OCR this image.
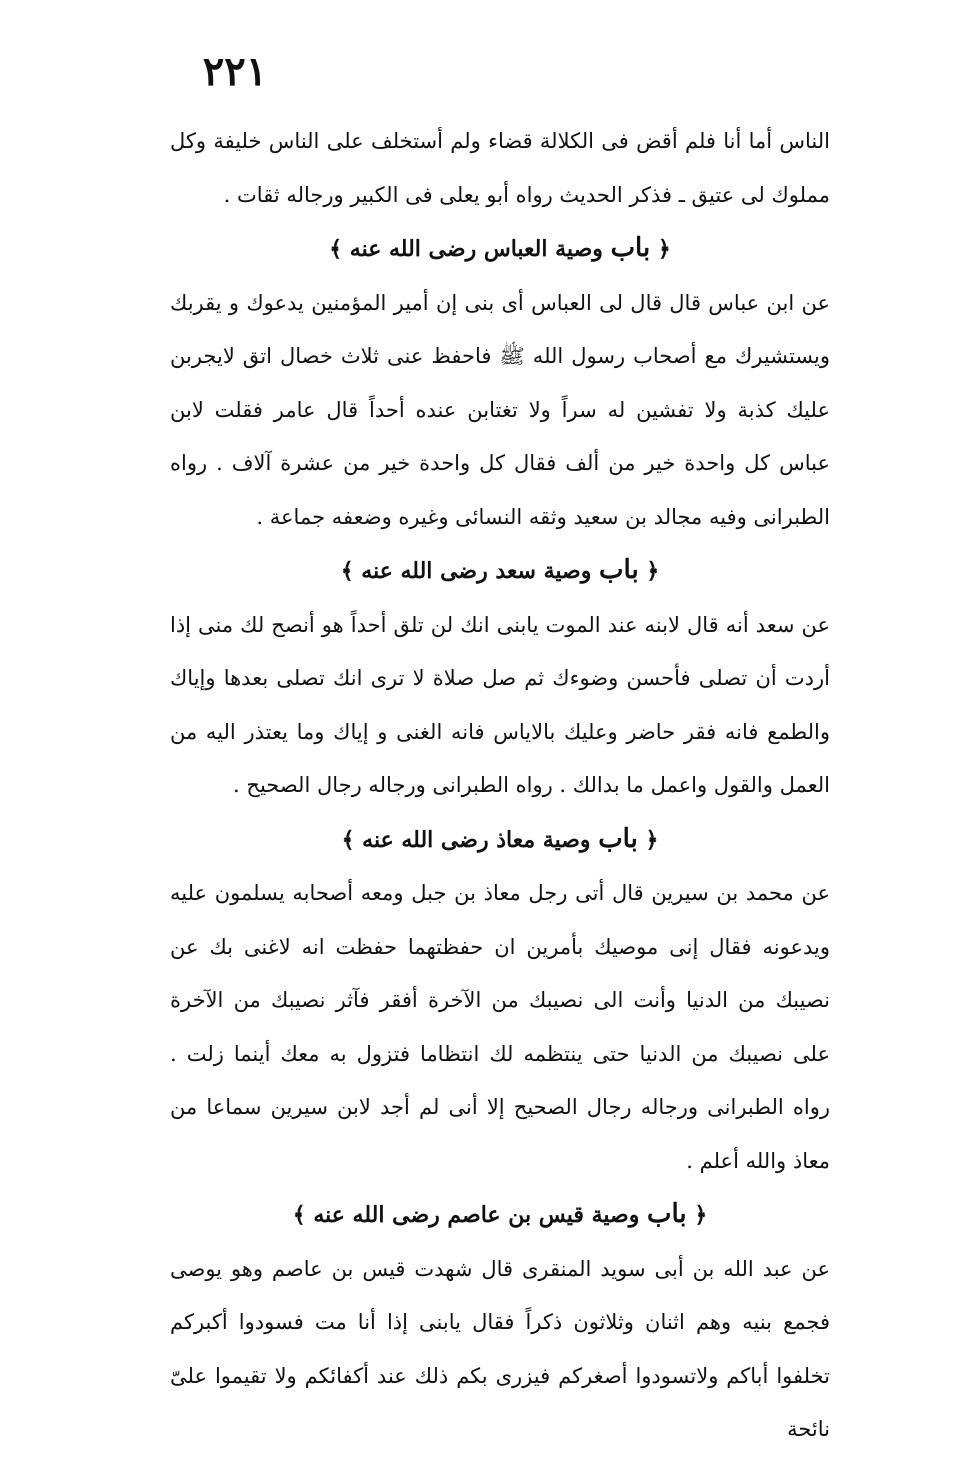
٢٢١

الناس أما أنا فلم أقض فى الكلالة قضاء ولم أستخلف على الناس خليفة وكل مملوك لى عتيق ـ فذكر الحديث رواه أبو يعلى فى الكبير ورجاله ثقات .

﴿ باب وصية العباس رضى الله عنه ﴾

عن ابن عباس قال قال لى العباس أى بنى إن أمير المؤمنين يدعوك و يقربك ويستشيرك مع أصحاب رسول الله ﷺ فاحفظ عنى ثلاث خصال اتق لايجربن عليك كذبة ولا تفشين له سراً ولا تغتابن عنده أحداً قال عامر فقلت لابن عباس كل واحدة خير من ألف فقال كل واحدة خير من عشرة آلاف . رواه الطبرانى وفيه مجالد بن سعيد وثقه النسائى وغيره وضعفه جماعة .

﴿ باب وصية سعد رضى الله عنه ﴾

عن سعد أنه قال لابنه عند الموت يابنى انك لن تلق أحداً هو أنصح لك منى إذا أردت أن تصلى فأحسن وضوءك ثم صل صلاة لا ترى انك تصلى بعدها وإياك والطمع فانه فقر حاضر وعليك بالاياس فانه الغنى و إياك وما يعتذر اليه من العمل والقول واعمل ما بدالك . رواه الطبرانى ورجاله رجال الصحيح .

﴿ باب وصية معاذ رضى الله عنه ﴾

عن محمد بن سيرين قال أتى رجل معاذ بن جبل ومعه أصحابه يسلمون عليه ويدعونه فقال إنى موصيك بأمرين ان حفظتهما حفظت انه لاغنى بك عن نصيبك من الدنيا وأنت الى نصيبك من الآخرة أفقر فآثر نصيبك من الآخرة على نصيبك من الدنيا حتى ينتظمه لك انتظاما فتزول به معك أينما زلت . رواه الطبرانى ورجاله رجال الصحيح إلا أنى لم أجد لابن سيرين سماعا من معاذ والله أعلم .

﴿ باب وصية قيس بن عاصم رضى الله عنه ﴾

عن عبد الله بن أبى سويد المنقرى قال شهدت قيس بن عاصم وهو يوصى فجمع بنيه وهم اثنان وثلاثون ذكراً فقال يابنى إذا أنا مت فسودوا أكبركم تخلفوا أباكم ولاتسودوا أصغركم فيزرى بكم ذلك عند أكفائكم ولا تقيموا علىّ نائحة
